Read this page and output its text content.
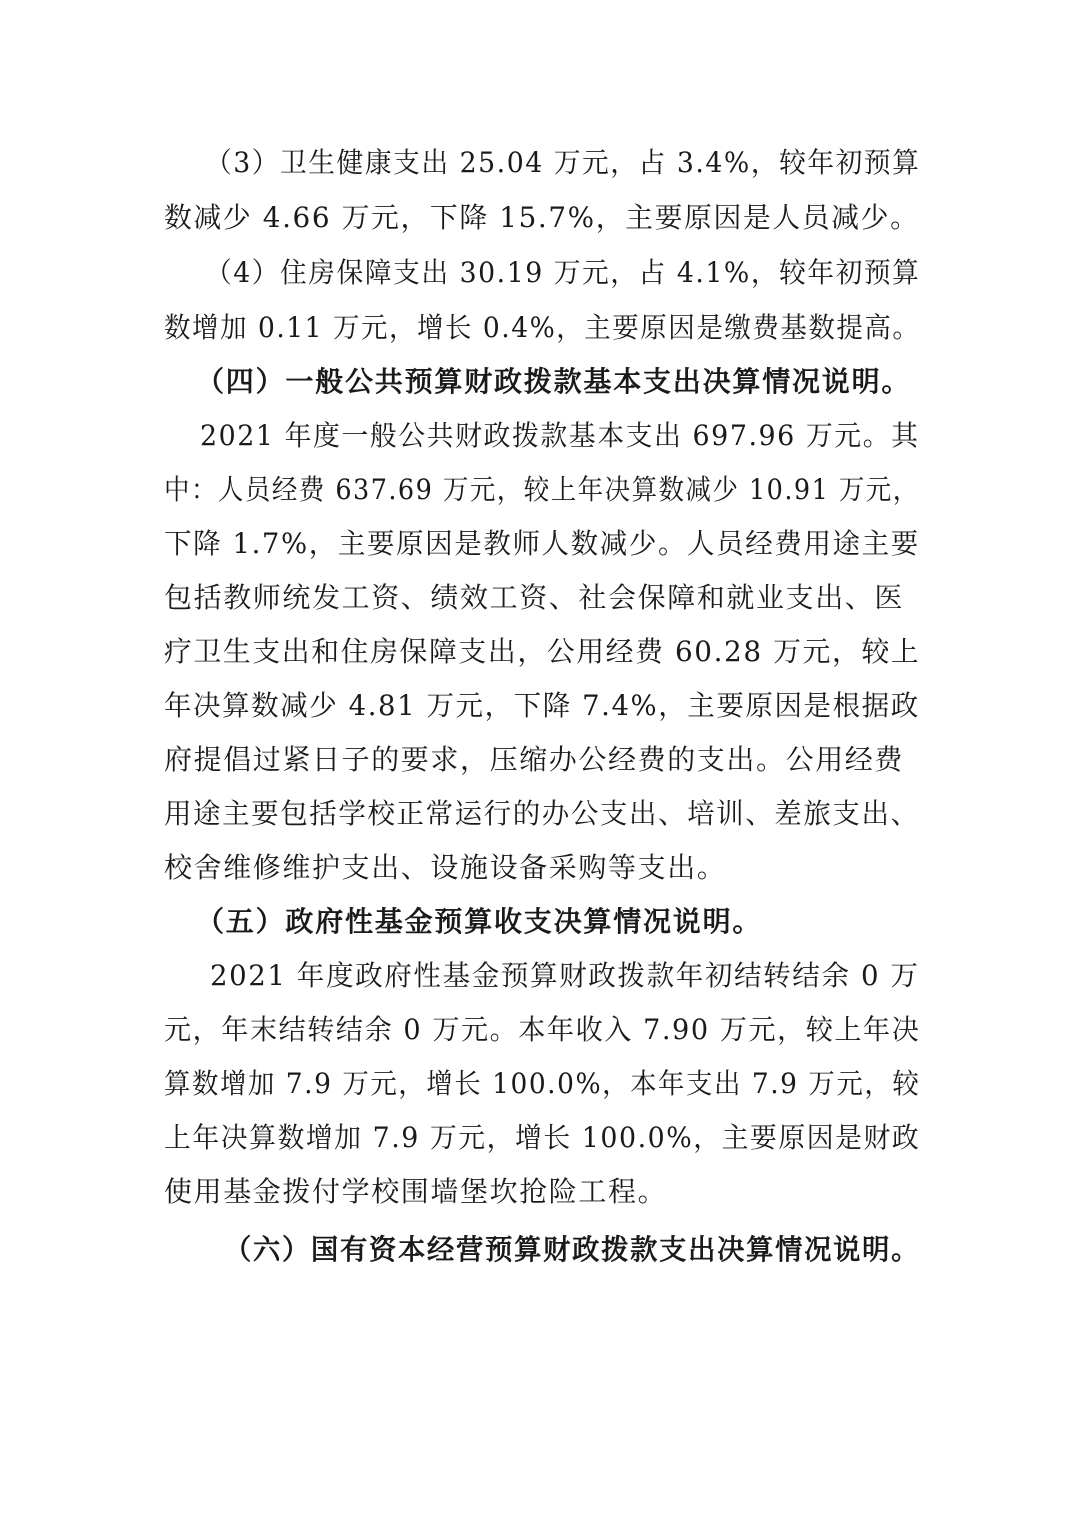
（3）卫生健康支出 25.04 万元，占 3.4%，较年初预算
数减少 4.66 万元，下降 15.7%，主要原因是人员减少。
（4）住房保障支出 30.19 万元，占 4.1%，较年初预算
数增加 0.11 万元，增长 0.4%，主要原因是缴费基数提高。
（四）一般公共预算财政拨款基本支出决算情况说明。
2021 年度一般公共财政拨款基本支出 697.96 万元。其
中：人员经费 637.69 万元，较上年决算数减少 10.91 万元，
下降 1.7%，主要原因是教师人数减少。人员经费用途主要
包括教师统发工资、绩效工资、社会保障和就业支出、医
疗卫生支出和住房保障支出，公用经费 60.28 万元，较上
年决算数减少 4.81 万元，下降 7.4%，主要原因是根据政
府提倡过紧日子的要求，压缩办公经费的支出。公用经费
用途主要包括学校正常运行的办公支出、培训、差旅支出、
校舍维修维护支出、设施设备采购等支出。
（五）政府性基金预算收支决算情况说明。
2021 年度政府性基金预算财政拨款年初结转结余 0 万
元，年末结转结余 0 万元。本年收入 7.90 万元，较上年决
算数增加 7.9 万元，增长 100.0%，本年支出 7.9 万元，较
上年决算数增加 7.9 万元，增长 100.0%，主要原因是财政
使用基金拨付学校围墙堡坎抢险工程。
（六）国有资本经营预算财政拨款支出决算情况说明。
